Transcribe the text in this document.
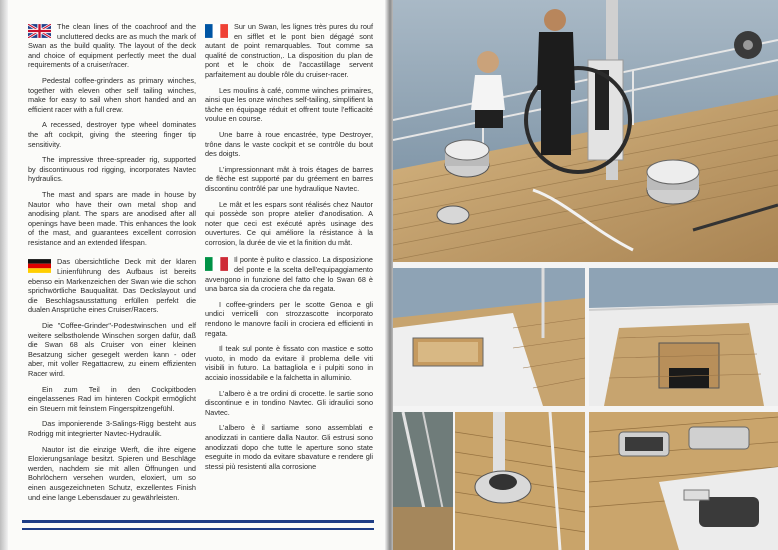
The clean lines of the coachroof and the uncluttered decks are as much the mark of Swan as the build quality. The layout of the deck and choice of equipment perfectly meet the dual requirements of a cruiser/racer.

Pedestal coffee-grinders as primary winches, together with eleven other self tailing winches, make for easy to sail when short handed and an efficient racer with a full crew.

A recessed, destroyer type wheel dominates the aft cockpit, giving the steering finger tip sensitivity.

The impressive three-spreader rig, supported by discontinuous rod rigging, incorporates Navtec hydraulics.

The mast and spars are made in house by Nautor who have their own metal shop and anodising plant. The spars are anodised after all openings have been made. This enhances the look of the mast, and guarantees excellent corrosion resistance and an extended lifespan.

Das übersichtliche Deck mit der klaren Linienführung des Aufbaus ist bereits ebenso ein Markenzeichen der Swan wie die schon sprichwörtliche Bauqualität. Das Deckslayout und die Beschlagsausstattung erfüllen perfekt die dualen Ansprüche eines Cruiser/Racers.

Die "Coffee-Grinder"-Podestwinschen und elf weitere selbstholende Winschen sorgen dafür, daß die Swan 68 als Cruiser von einer kleinen Besatzung sicher gesegelt werden kann - oder aber, mit voller Regattacrew, zu einem effizienten Racer wird.

Ein zum Teil in den Cockpitboden eingelassenes Rad im hinteren Cockpit ermöglicht ein Steuern mit feinstem Fingerspitzengefühl.

Das imponierende 3-Salings-Rigg besteht aus Rodrigg mit integrierter Navtec-Hydraulik.

Nautor ist die einzige Werft, die ihre eigene Eloxierungsanlage besitzt. Spieren und Beschläge werden, nachdem sie mit allen Öffnungen und Bohrlöchern versehen wurden, eloxiert, um so einen ausgezeichneten Schutz, exzellentes Finish und eine lange Lebensdauer zu gewährleisten.

Sur un Swan, les lignes très pures du rouf en sifflet et le pont bien dégagé sont autant de point remarquables. Tout comme sa qualité de construction,. La disposition du plan de pont et le choix de l'accastillage servent parfaitement au double rôle du cruiser-racer.

Les moulins à café, comme winches primaires, ainsi que les onze winches self-tailing, simplifient la tâche en équipage réduit et offrent toute l'efficacité voulue en course.

Une barre à roue encastrée, type Destroyer, trône dans le vaste cockpit et se contrôle du bout des doigts.

L'impressionnant mât à trois étages de barres de flèche est supporté par du gréement en barres discontinu contrôlé par une hydraulique Navtec.

Le mât et les espars sont réalisés chez Nautor qui possède son propre atelier d'anodisation. A noter que ceci est exécuté après usinage des ouvertures. Ce qui améliore la résistance à la corrosion, la durée de vie et la finition du mât.

Il ponte è pulito e classico. La disposizione del ponte e la scelta dell'equipaggiamento avvengono in funzione del fatto che lo Swan 68 è una barca sia da crociera che da regata.

I coffee-grinders per le scotte Genoa e gli undici verricelli con strozzascotte incorporato rendono le manovre facili in crociera ed efficienti in regata.

Il teak sul ponte è fissato con mastice e sotto vuoto, in modo da evitare il problema delle viti visibili in futuro. La battagliola e i pulpiti sono in acciaio inossidabile e la falchetta in alluminio.

L'albero è a tre ordini di crocette. le sartie sono discontinue e in tondino Navtec. Gli idraulici sono Navtec.

L'albero è il sartiame sono assemblati e anodizzati in cantiere dalla Nautor. Gli estrusi sono anodizzati dopo che tutte le aperture sono state eseguite in modo da evitare sbavature e rendere gli stessi più resistenti alla corrosione
